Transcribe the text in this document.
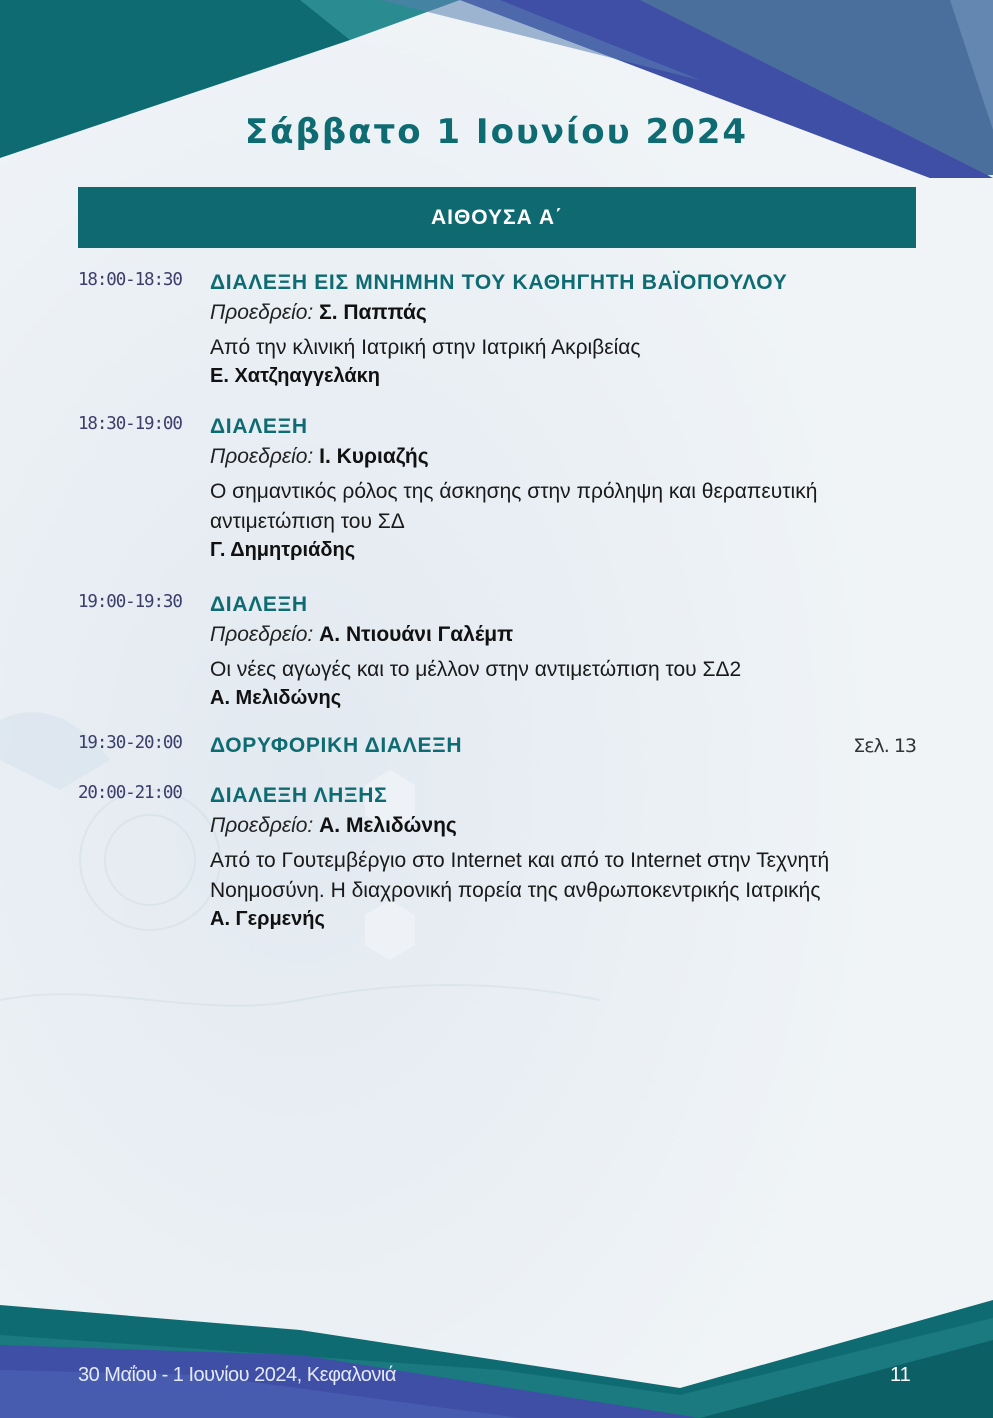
Σάββατο 1 Ιουνίου 2024
ΑΙΘΟΥΣΑ Α΄
18:00-18:30	ΔΙΑΛΕΞΗ ΕΙΣ ΜΝΗΜΗΝ ΤΟΥ ΚΑΘΗΓΗΤΗ ΒΑΪΟΠΟΥΛΟΥ
Προεδρείο: Σ. Παππάς
Από την κλινική Ιατρική στην Ιατρική Ακριβείας
Ε. Χατζηαγγελάκη
18:30-19:00	ΔΙΑΛΕΞΗ
Προεδρείο: Ι. Κυριαζής
Ο σημαντικός ρόλος της άσκησης στην πρόληψη και θεραπευτική αντιμετώπιση του ΣΔ
Γ. Δημητριάδης
19:00-19:30	ΔΙΑΛΕΞΗ
Προεδρείο: Α. Ντιουάνι Γαλέμπ
Οι νέες αγωγές και το μέλλον στην αντιμετώπιση του ΣΔ2
Α. Μελιδώνης
19:30-20:00	ΔΟΡΥΦΟΡΙΚΗ ΔΙΑΛΕΞΗ	Σελ. 13
20:00-21:00	ΔΙΑΛΕΞΗ ΛΗΞΗΣ
Προεδρείο: Α. Μελιδώνης
Από το Γουτεμβέργιο στο Internet και από το Internet στην Τεχνητή Νοημοσύνη. Η διαχρονική πορεία της ανθρωποκεντρικής Ιατρικής
Α. Γερμενής
30 Μαΐου - 1 Ιουνίου 2024, Κεφαλονιά	11
